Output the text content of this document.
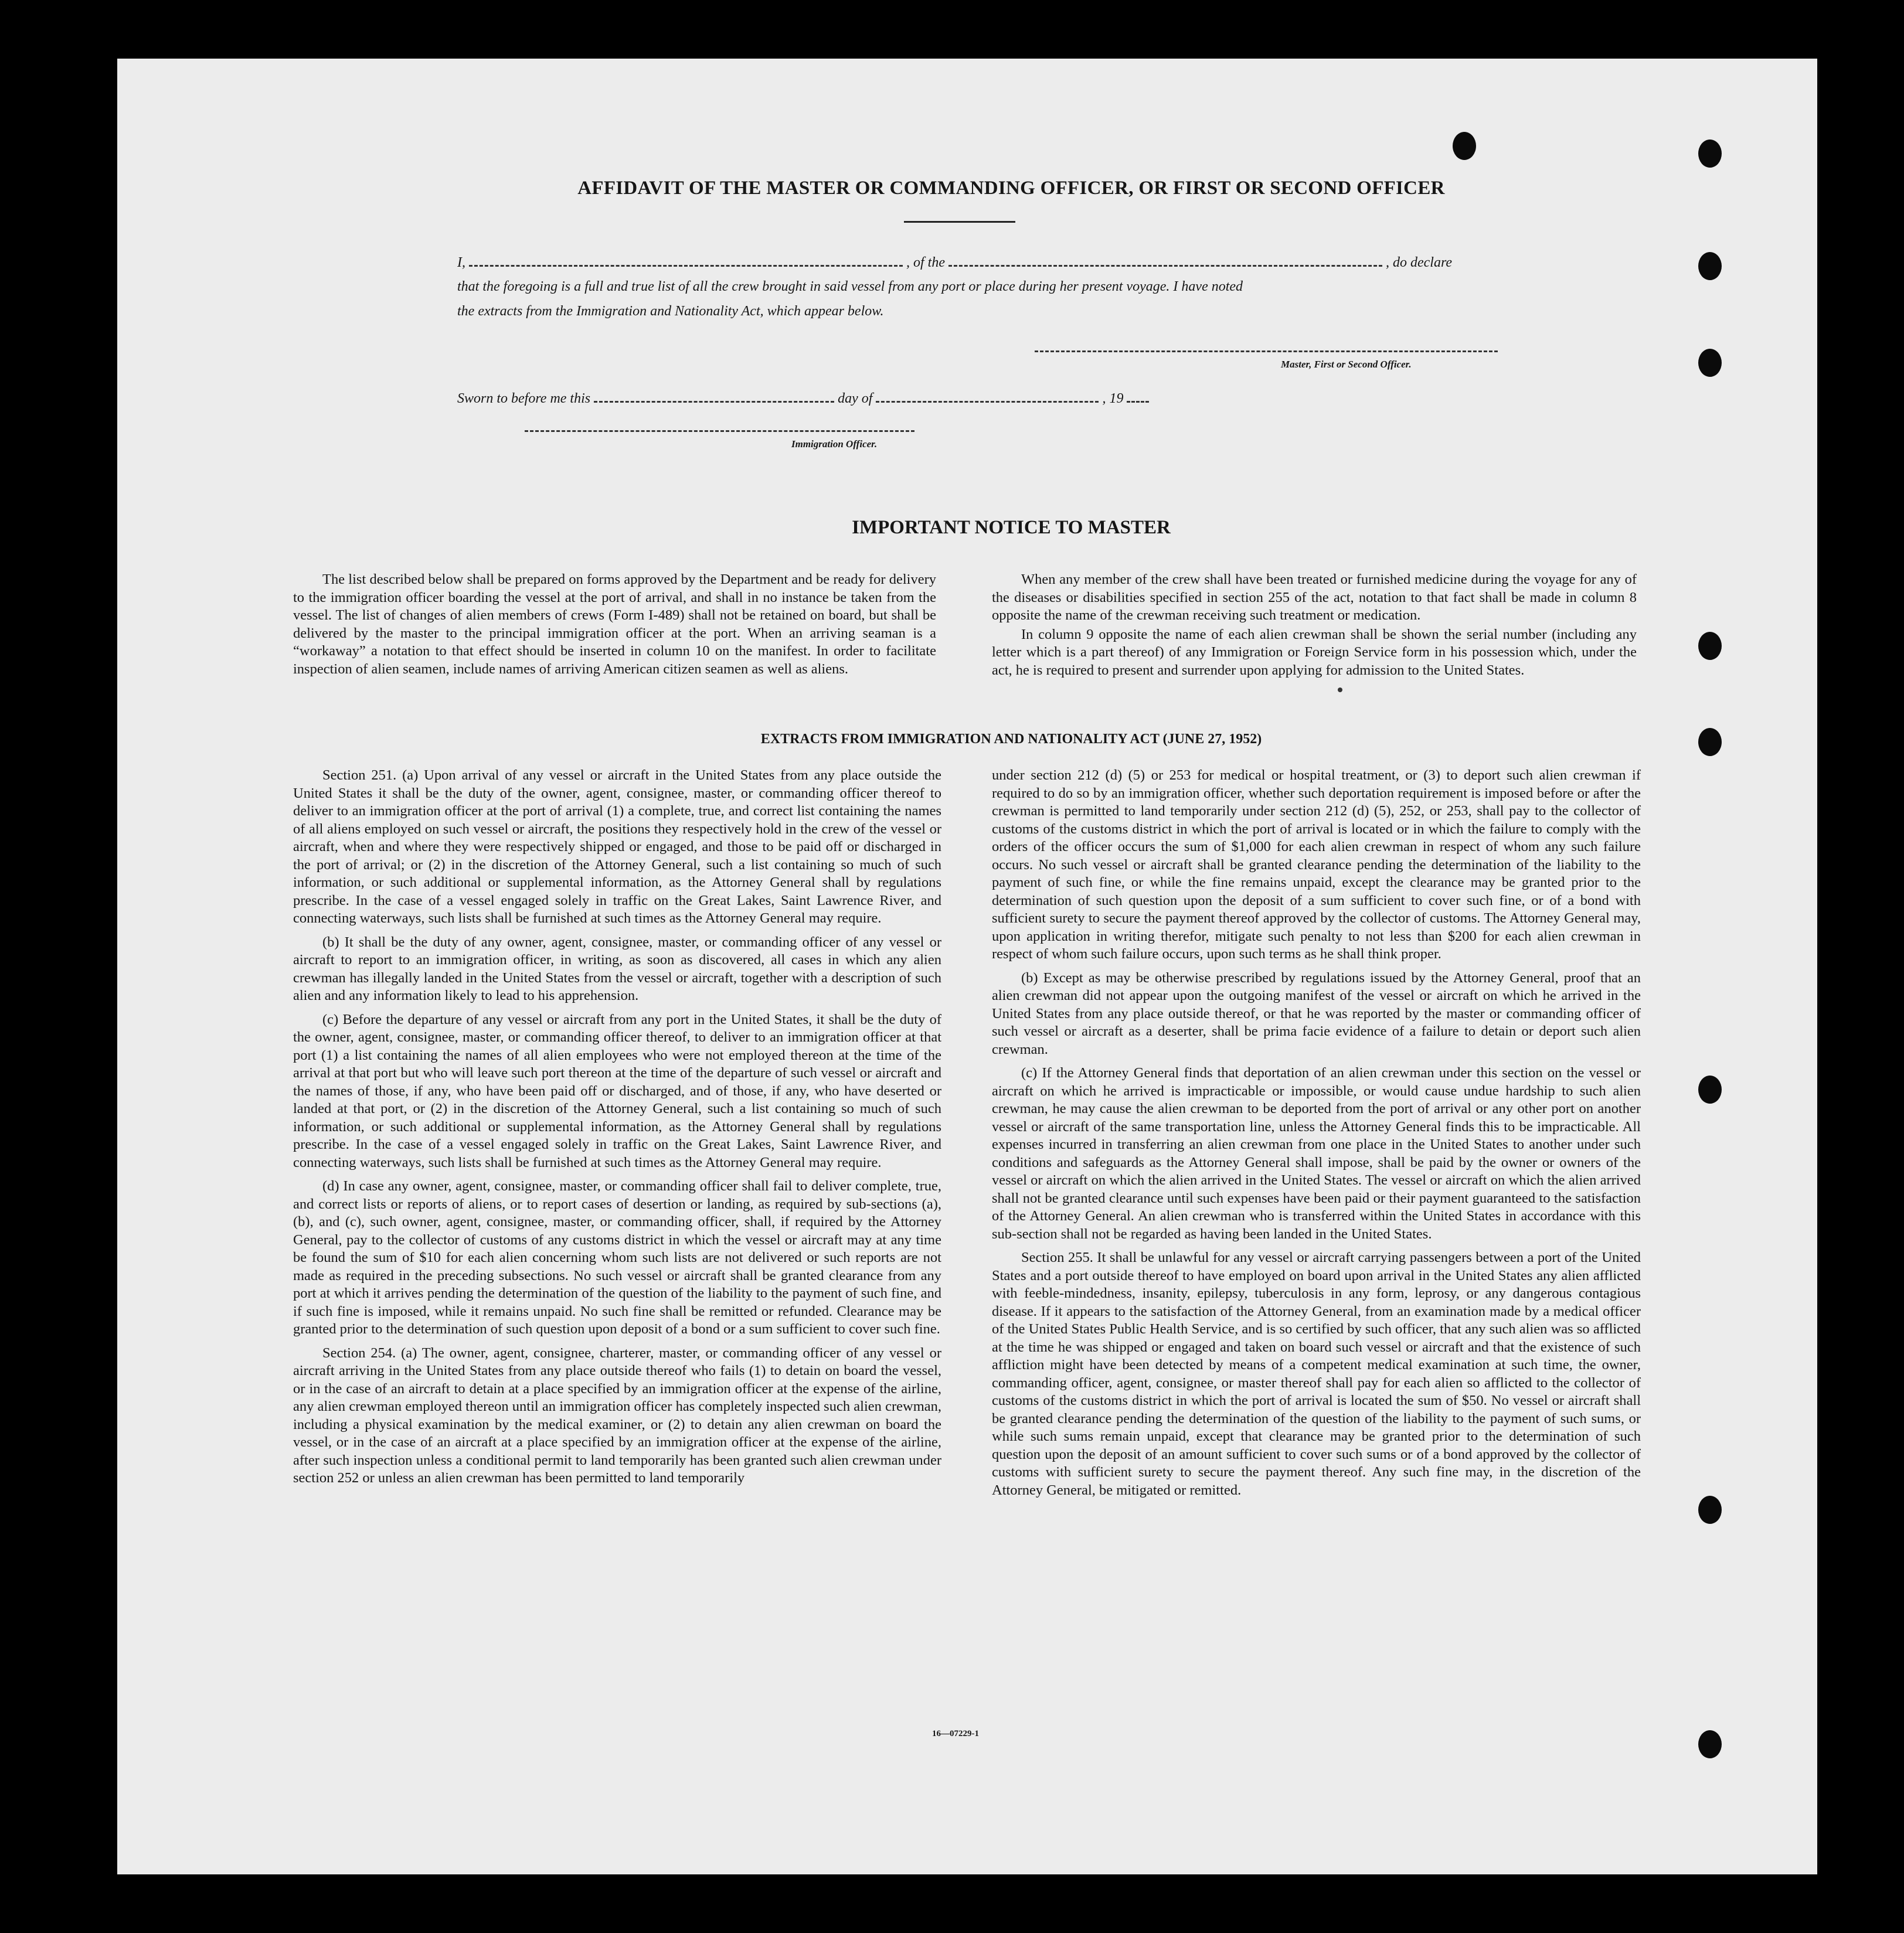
AFFIDAVIT OF THE MASTER OR COMMANDING OFFICER, OR FIRST OR SECOND OFFICER
I,	, of the	, do declare
that the foregoing is a full and true list of all the crew brought in said vessel from any port or place during her present voyage. I have noted
the extracts from the Immigration and Nationality Act, which appear below.
Master, First or Second Officer.
Sworn to before me this	day of	, 19
Immigration Officer.
IMPORTANT NOTICE TO MASTER

The list described below shall be prepared on forms approved by the Department and be ready for delivery to the immigration officer boarding the vessel at the port of arrival, and shall in no instance be taken from the vessel. The list of changes of alien members of crews (Form I-489) shall not be retained on board, but shall be delivered by the master to the principal immigration officer at the port. When an arriving seaman is a “workaway” a notation to that effect should be inserted in column 10 on the manifest. In order to facilitate inspection of alien seamen, include names of arriving American citizen seamen as well as aliens.

When any member of the crew shall have been treated or furnished medicine during the voyage for any of the diseases or disabilities specified in section 255 of the act, notation to that fact shall be made in column 8 opposite the name of the crewman receiving such treatment or medication.

In column 9 opposite the name of each alien crewman shall be shown the serial number (including any letter which is a part thereof) of any Immigration or Foreign Service form in his possession which, under the act, he is required to present and surrender upon applying for admission to the United States.

EXTRACTS FROM IMMIGRATION AND NATIONALITY ACT (JUNE 27, 1952)

Section 251. (a) Upon arrival of any vessel or aircraft in the United States from any place outside the United States it shall be the duty of the owner, agent, consignee, master, or commanding officer thereof to deliver to an immigration officer at the port of arrival (1) a complete, true, and correct list containing the names of all aliens employed on such vessel or aircraft, the positions they respectively hold in the crew of the vessel or aircraft, when and where they were respectively shipped or engaged, and those to be paid off or discharged in the port of arrival; or (2) in the discretion of the Attorney General, such a list containing so much of such information, or such additional or supplemental information, as the Attorney General shall by regulations prescribe. In the case of a vessel engaged solely in traffic on the Great Lakes, Saint Lawrence River, and connecting waterways, such lists shall be furnished at such times as the Attorney General may require.

(b) It shall be the duty of any owner, agent, consignee, master, or commanding officer of any vessel or aircraft to report to an immigration officer, in writing, as soon as discovered, all cases in which any alien crewman has illegally landed in the United States from the vessel or aircraft, together with a description of such alien and any information likely to lead to his apprehension.

(c) Before the departure of any vessel or aircraft from any port in the United States, it shall be the duty of the owner, agent, consignee, master, or commanding officer thereof, to deliver to an immigration officer at that port (1) a list containing the names of all alien employees who were not employed thereon at the time of the arrival at that port but who will leave such port thereon at the time of the departure of such vessel or aircraft and the names of those, if any, who have been paid off or discharged, and of those, if any, who have deserted or landed at that port, or (2) in the discretion of the Attorney General, such a list containing so much of such information, or such additional or supplemental information, as the Attorney General shall by regulations prescribe. In the case of a vessel engaged solely in traffic on the Great Lakes, Saint Lawrence River, and connecting waterways, such lists shall be furnished at such times as the Attorney General may require.

(d) In case any owner, agent, consignee, master, or commanding officer shall fail to deliver complete, true, and correct lists or reports of aliens, or to report cases of desertion or landing, as required by sub-sections (a), (b), and (c), such owner, agent, consignee, master, or commanding officer, shall, if required by the Attorney General, pay to the collector of customs of any customs district in which the vessel or aircraft may at any time be found the sum of $10 for each alien concerning whom such lists are not delivered or such reports are not made as required in the preceding subsections. No such vessel or aircraft shall be granted clearance from any port at which it arrives pending the determination of the question of the liability to the payment of such fine, and if such fine is imposed, while it remains unpaid. No such fine shall be remitted or refunded. Clearance may be granted prior to the determination of such question upon deposit of a bond or a sum sufficient to cover such fine.

Section 254. (a) The owner, agent, consignee, charterer, master, or commanding officer of any vessel or aircraft arriving in the United States from any place outside thereof who fails (1) to detain on board the vessel, or in the case of an aircraft to detain at a place specified by an immigration officer at the expense of the airline, any alien crewman employed thereon until an immigration officer has completely inspected such alien crewman, including a physical examination by the medical examiner, or (2) to detain any alien crewman on board the vessel, or in the case of an aircraft at a place specified by an immigration officer at the expense of the airline, after such inspection unless a conditional permit to land temporarily has been granted such alien crewman under section 252 or unless an alien crewman has been permitted to land temporarily

under section 212 (d) (5) or 253 for medical or hospital treatment, or (3) to deport such alien crewman if required to do so by an immigration officer, whether such deportation requirement is imposed before or after the crewman is permitted to land temporarily under section 212 (d) (5), 252, or 253, shall pay to the collector of customs of the customs district in which the port of arrival is located or in which the failure to comply with the orders of the officer occurs the sum of $1,000 for each alien crewman in respect of whom any such failure occurs. No such vessel or aircraft shall be granted clearance pending the determination of the liability to the payment of such fine, or while the fine remains unpaid, except the clearance may be granted prior to the determination of such question upon the deposit of a sum sufficient to cover such fine, or of a bond with sufficient surety to secure the payment thereof approved by the collector of customs. The Attorney General may, upon application in writing therefor, mitigate such penalty to not less than $200 for each alien crewman in respect of whom such failure occurs, upon such terms as he shall think proper.

(b) Except as may be otherwise prescribed by regulations issued by the Attorney General, proof that an alien crewman did not appear upon the outgoing manifest of the vessel or aircraft on which he arrived in the United States from any place outside thereof, or that he was reported by the master or commanding officer of such vessel or aircraft as a deserter, shall be prima facie evidence of a failure to detain or deport such alien crewman.

(c) If the Attorney General finds that deportation of an alien crewman under this section on the vessel or aircraft on which he arrived is impracticable or impossible, or would cause undue hardship to such alien crewman, he may cause the alien crewman to be deported from the port of arrival or any other port on another vessel or aircraft of the same transportation line, unless the Attorney General finds this to be impracticable. All expenses incurred in transferring an alien crewman from one place in the United States to another under such conditions and safeguards as the Attorney General shall impose, shall be paid by the owner or owners of the vessel or aircraft on which the alien arrived in the United States. The vessel or aircraft on which the alien arrived shall not be granted clearance until such expenses have been paid or their payment guaranteed to the satisfaction of the Attorney General. An alien crewman who is transferred within the United States in accordance with this sub-section shall not be regarded as having been landed in the United States.

Section 255. It shall be unlawful for any vessel or aircraft carrying passengers between a port of the United States and a port outside thereof to have employed on board upon arrival in the United States any alien afflicted with feeble-mindedness, insanity, epilepsy, tuberculosis in any form, leprosy, or any dangerous contagious disease. If it appears to the satisfaction of the Attorney General, from an examination made by a medical officer of the United States Public Health Service, and is so certified by such officer, that any such alien was so afflicted at the time he was shipped or engaged and taken on board such vessel or aircraft and that the existence of such affliction might have been detected by means of a competent medical examination at such time, the owner, commanding officer, agent, consignee, or master thereof shall pay for each alien so afflicted to the collector of customs of the customs district in which the port of arrival is located the sum of $50. No vessel or aircraft shall be granted clearance pending the determination of the question of the liability to the payment of such sums, or while such sums remain unpaid, except that clearance may be granted prior to the determination of such question upon the deposit of an amount sufficient to cover such sums or of a bond approved by the collector of customs with sufficient surety to secure the payment thereof. Any such fine may, in the discretion of the Attorney General, be mitigated or remitted.

16—07229-1
